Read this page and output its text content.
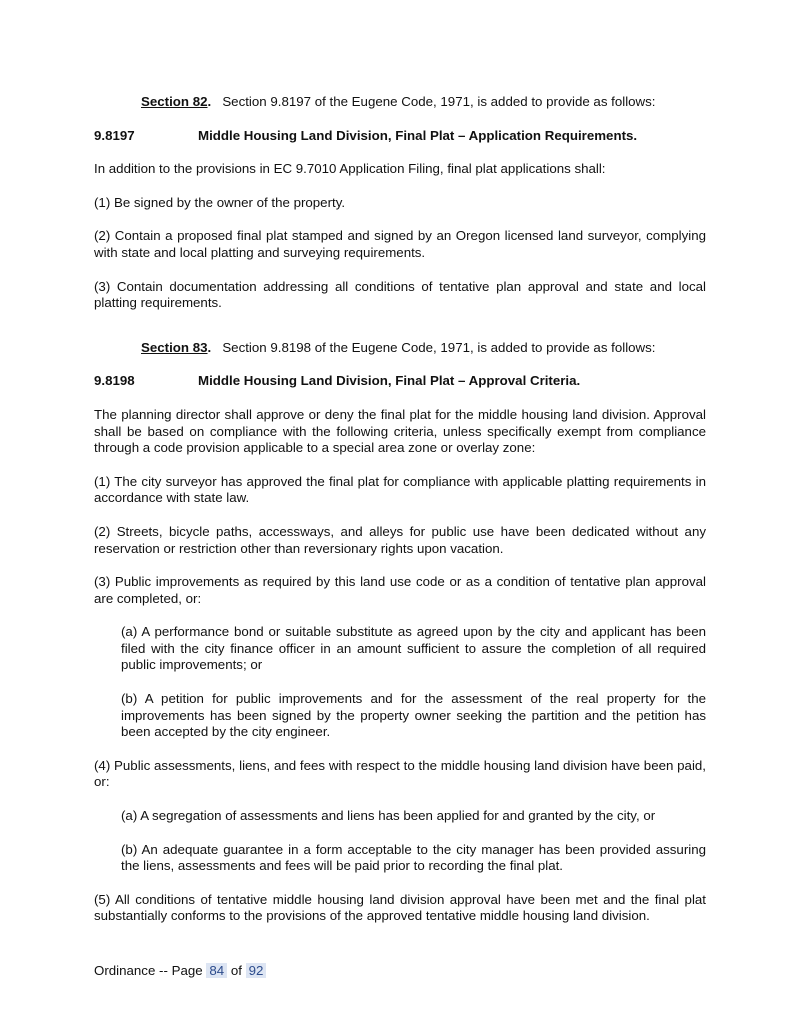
Section 82. Section 9.8197 of the Eugene Code, 1971, is added to provide as follows:
9.8197	Middle Housing Land Division, Final Plat – Application Requirements.

In addition to the provisions in EC 9.7010 Application Filing, final plat applications shall:

(1) Be signed by the owner of the property.

(2) Contain a proposed final plat stamped and signed by an Oregon licensed land surveyor, complying with state and local platting and surveying requirements.

(3) Contain documentation addressing all conditions of tentative plan approval and state and local platting requirements.

Section 83. Section 9.8198 of the Eugene Code, 1971, is added to provide as follows:
9.8198	Middle Housing Land Division, Final Plat – Approval Criteria.

The planning director shall approve or deny the final plat for the middle housing land division. Approval shall be based on compliance with the following criteria, unless specifically exempt from compliance through a code provision applicable to a special area zone or overlay zone:

(1) The city surveyor has approved the final plat for compliance with applicable platting requirements in accordance with state law.

(2) Streets, bicycle paths, accessways, and alleys for public use have been dedicated without any reservation or restriction other than reversionary rights upon vacation.

(3) Public improvements as required by this land use code or as a condition of tentative plan approval are completed, or:

(a) A performance bond or suitable substitute as agreed upon by the city and applicant has been filed with the city finance officer in an amount sufficient to assure the completion of all required public improvements; or

(b) A petition for public improvements and for the assessment of the real property for the improvements has been signed by the property owner seeking the partition and the petition has been accepted by the city engineer.

(4) Public assessments, liens, and fees with respect to the middle housing land division have been paid, or:

(a) A segregation of assessments and liens has been applied for and granted by the city, or

(b) An adequate guarantee in a form acceptable to the city manager has been provided assuring the liens, assessments and fees will be paid prior to recording the final plat.

(5) All conditions of tentative middle housing land division approval have been met and the final plat substantially conforms to the provisions of the approved tentative middle housing land division.

Ordinance -- Page 84 of 92
